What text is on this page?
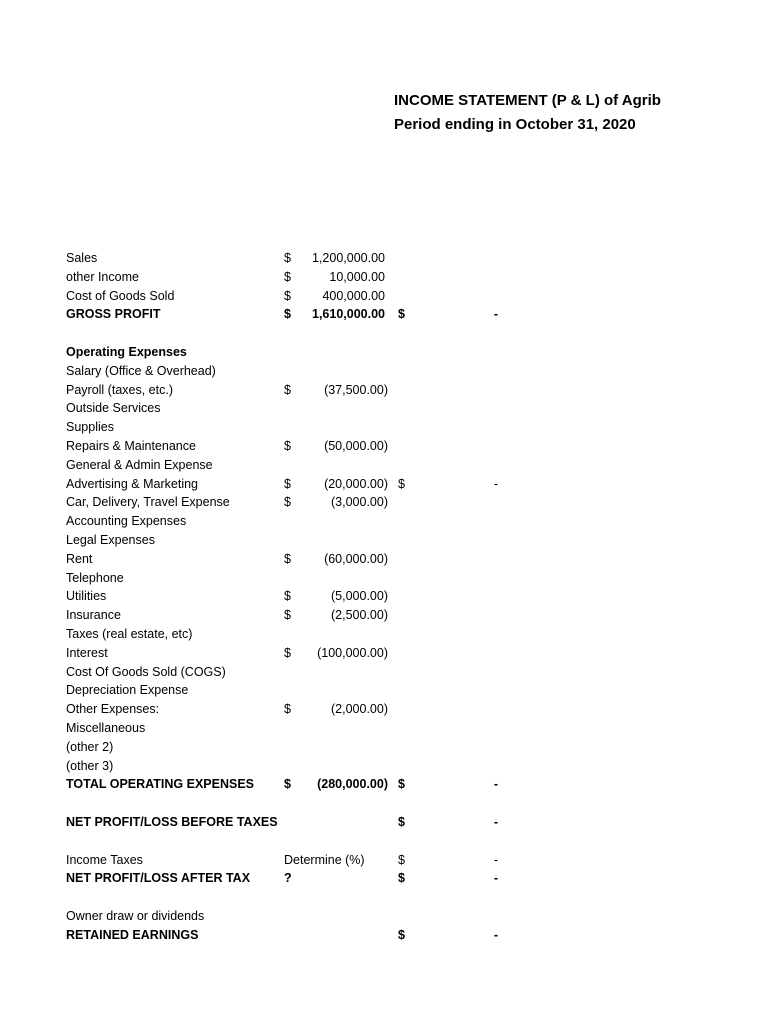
INCOME STATEMENT (P & L) of Agrib
Period ending in October 31, 2020
Sales	$	1,200,000.00
other Income	$	10,000.00
Cost of Goods Sold	$	400,000.00
GROSS PROFIT	$	1,610,000.00 $	-
Operating Expenses
Salary (Office & Overhead)
Payroll (taxes, etc.)	$	(37,500.00)
Outside Services
Supplies
Repairs & Maintenance	$	(50,000.00)
General & Admin Expense
Advertising & Marketing	$	(20,000.00) $	-
Car, Delivery, Travel Expense	$	(3,000.00)
Accounting Expenses
Legal Expenses
Rent	$	(60,000.00)
Telephone
Utilities	$	(5,000.00)
Insurance	$	(2,500.00)
Taxes (real estate, etc)
Interest	$	(100,000.00)
Cost Of Goods Sold (COGS)
Depreciation Expense
Other Expenses:	$	(2,000.00)
Miscellaneous
(other 2)
(other 3)
TOTAL OPERATING EXPENSES $	(280,000.00) $	-
NET PROFIT/LOSS BEFORE TAXES	$	-
Income Taxes	Determine (%)	$	-
NET PROFIT/LOSS AFTER TAX	?	$	-
Owner draw or dividends
RETAINED EARNINGS	$	-
